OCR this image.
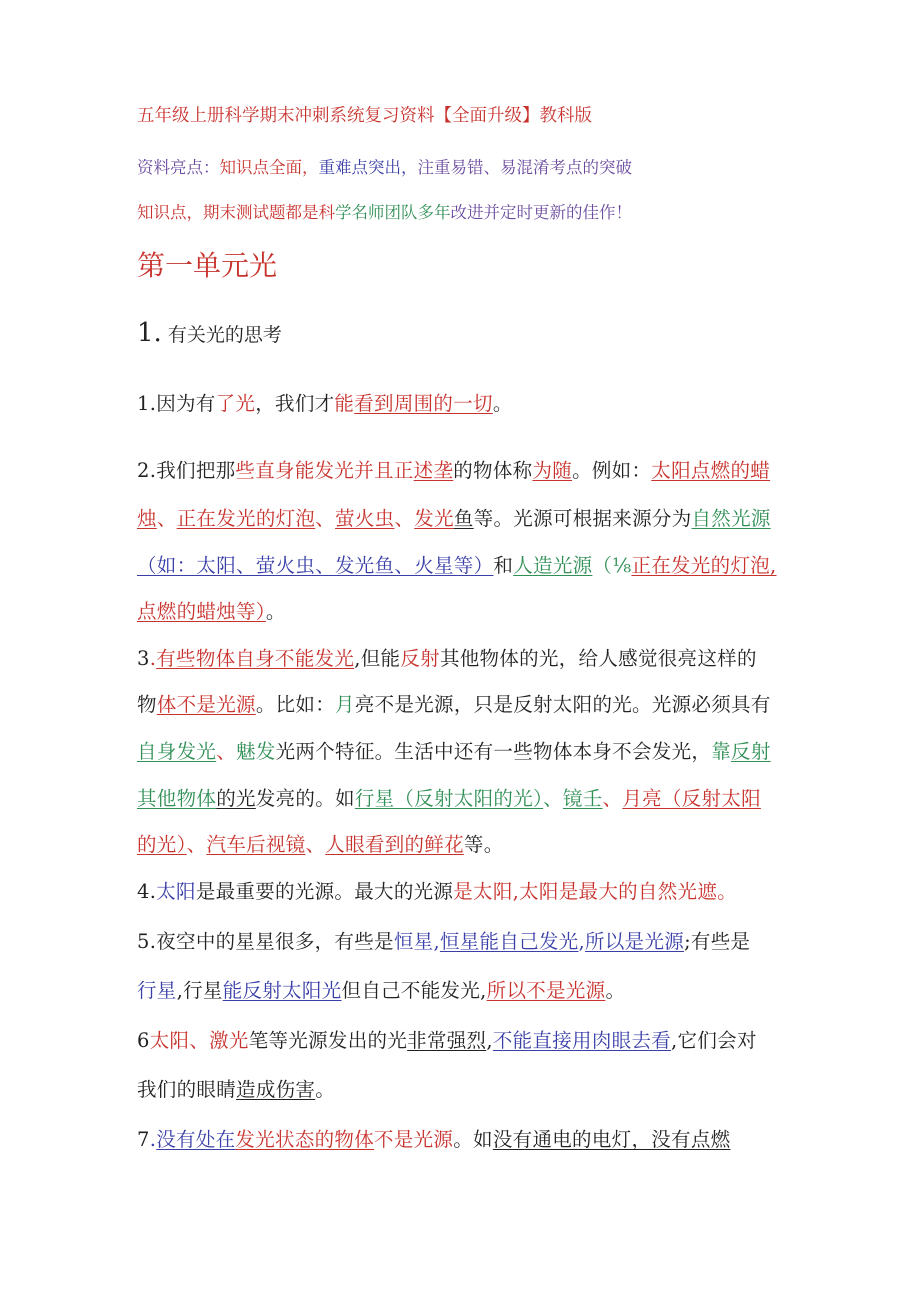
五年级上册科学期末冲刺系统复习资料【全面升级】教科版
资料亮点：知识点全面，重难点突出，注重易错、易混淆考点的突破
知识点，期末测试题都是科学名师团队多年改进并定时更新的佳作！
第一单元光
1. 有关光的思考
1.因为有了光，我们才能看到周围的一切。
2.我们把那些直身能发光并且正述垄的物体称为随。例如：太阳点燃的蜡
烛、正在发光的灯泡、萤火虫、发光鱼等。光源可根据来源分为自然光源
（如：太阳、萤火虫、发光鱼、火星等）和人造光源（⅛正在发光的灯泡,
点燃的蜡烛等）。
3.有些物体自身不能发光,但能反射其他物体的光，给人感觉很亮这样的
物体不是光源。比如：月亮不是光源，只是反射太阳的光。光源必须具有
自身发光、魅发光两个特征。生活中还有一些物体本身不会发光，靠反射
其他物体的光发亮的。如行星（反射太阳的光）、镜壬、月亮（反射太阳
的光）、汽车后视镜、人眼看到的鲜花等。
4.太阳是最重要的光源。最大的光源是太阳,太阳是最大的自然光遮。
5.夜空中的星星很多，有些是恒星,恒星能自己发光,所以是光源;有些是
行星,行星能反射太阳光但自己不能发光,所以不是光源。
6太阳、激光笔等光源发出的光非常强烈,不能直接用肉眼去看,它们会对
我们的眼睛造成伤害。
7.没有处在发光状态的物体不是光源。如没有通电的电灯，没有点燃
